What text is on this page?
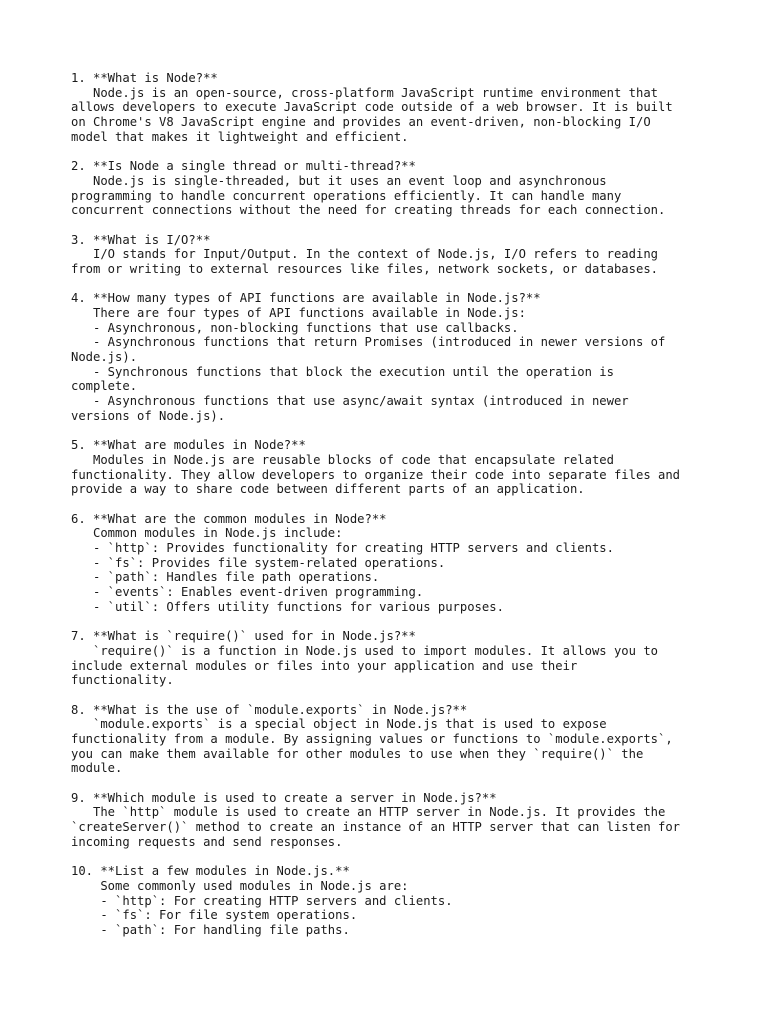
1. **What is Node?**
Node.js is an open-source, cross-platform JavaScript runtime environment that
allows developers to execute JavaScript code outside of a web browser. It is built
on Chrome's V8 JavaScript engine and provides an event-driven, non-blocking I/O
model that makes it lightweight and efficient.
2. **Is Node a single thread or multi-thread?**
Node.js is single-threaded, but it uses an event loop and asynchronous
programming to handle concurrent operations efficiently. It can handle many
concurrent connections without the need for creating threads for each connection.
3. **What is I/O?**
I/O stands for Input/Output. In the context of Node.js, I/O refers to reading
from or writing to external resources like files, network sockets, or databases.
4. **How many types of API functions are available in Node.js?**
There are four types of API functions available in Node.js:
- Asynchronous, non-blocking functions that use callbacks.
- Asynchronous functions that return Promises (introduced in newer versions of
Node.js).
- Synchronous functions that block the execution until the operation is
complete.
- Asynchronous functions that use async/await syntax (introduced in newer
versions of Node.js).
5. **What are modules in Node?**
Modules in Node.js are reusable blocks of code that encapsulate related
functionality. They allow developers to organize their code into separate files and
provide a way to share code between different parts of an application.
6. **What are the common modules in Node?**
Common modules in Node.js include:
- `http`: Provides functionality for creating HTTP servers and clients.
- `fs`: Provides file system-related operations.
- `path`: Handles file path operations.
- `events`: Enables event-driven programming.
- `util`: Offers utility functions for various purposes.
7. **What is `require()` used for in Node.js?**
`require()` is a function in Node.js used to import modules. It allows you to
include external modules or files into your application and use their
functionality.
8. **What is the use of `module.exports` in Node.js?**
`module.exports` is a special object in Node.js that is used to expose
functionality from a module. By assigning values or functions to `module.exports`,
you can make them available for other modules to use when they `require()` the
module.
9. **Which module is used to create a server in Node.js?**
The `http` module is used to create an HTTP server in Node.js. It provides the
`createServer()` method to create an instance of an HTTP server that can listen for
incoming requests and send responses.
10. **List a few modules in Node.js.**
Some commonly used modules in Node.js are:
- `http`: For creating HTTP servers and clients.
- `fs`: For file system operations.
- `path`: For handling file paths.
